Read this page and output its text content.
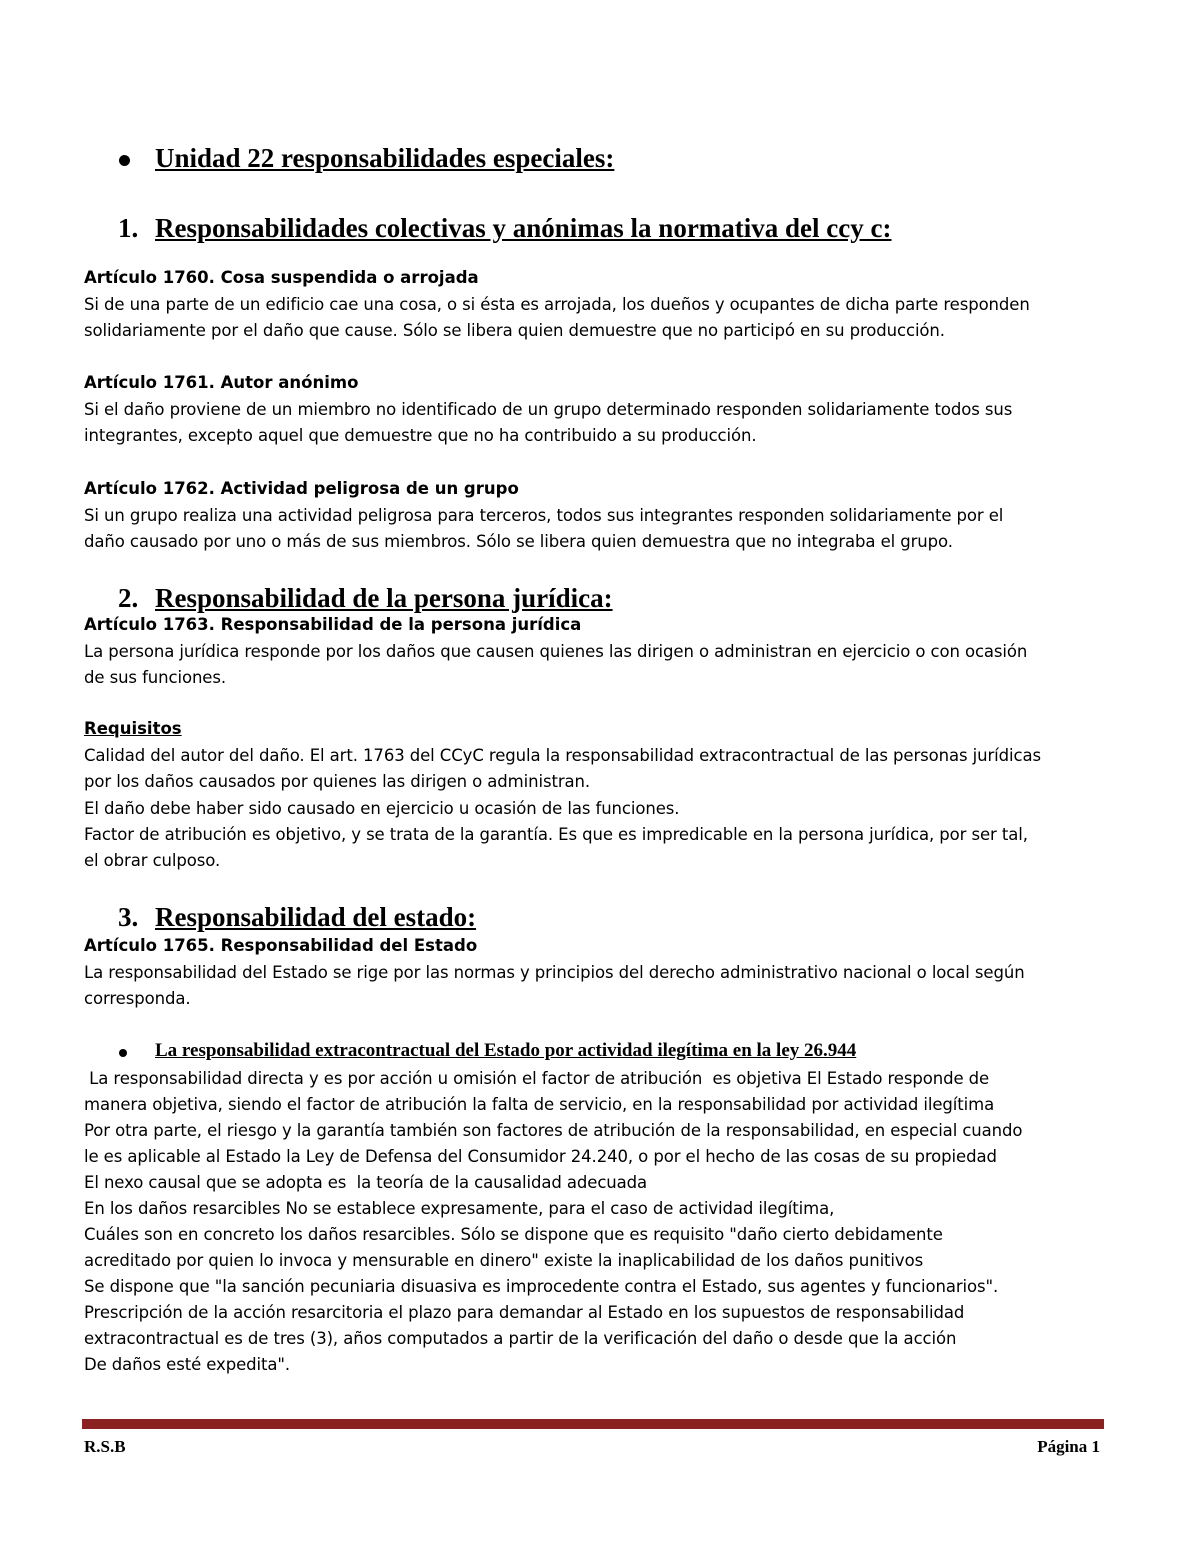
Unidad 22 responsabilidades especiales:
1. Responsabilidades colectivas y anónimas la normativa del ccy c:
Artículo 1760. Cosa suspendida o arrojada
Si de una parte de un edificio cae una cosa, o si ésta es arrojada, los dueños y ocupantes de dicha parte responden
solidariamente por el daño que cause. Sólo se libera quien demuestre que no participó en su producción.
Artículo 1761. Autor anónimo
Si el daño proviene de un miembro no identificado de un grupo determinado responden solidariamente todos sus
integrantes, excepto aquel que demuestre que no ha contribuido a su producción.
Artículo 1762. Actividad peligrosa de un grupo
Si un grupo realiza una actividad peligrosa para terceros, todos sus integrantes responden solidariamente por el
daño causado por uno o más de sus miembros. Sólo se libera quien demuestra que no integraba el grupo.
2. Responsabilidad de la persona jurídica:
Artículo 1763. Responsabilidad de la persona jurídica
La persona jurídica responde por los daños que causen quienes las dirigen o administran en ejercicio o con ocasión
de sus funciones.
Requisitos
Calidad del autor del daño. El art. 1763 del CCyC regula la responsabilidad extracontractual de las personas jurídicas
por los daños causados por quienes las dirigen o administran.
El daño debe haber sido causado en ejercicio u ocasión de las funciones.
Factor de atribución es objetivo, y se trata de la garantía. Es que es impredicable en la persona jurídica, por ser tal,
el obrar culposo.
3. Responsabilidad del estado:
Artículo 1765. Responsabilidad del Estado
La responsabilidad del Estado se rige por las normas y principios del derecho administrativo nacional o local según
corresponda.
La responsabilidad extracontractual del Estado por actividad ilegítima en la ley 26.944
La responsabilidad directa y es por acción u omisión el factor de atribución  es objetiva El Estado responde de
manera objetiva, siendo el factor de atribución la falta de servicio, en la responsabilidad por actividad ilegítima
Por otra parte, el riesgo y la garantía también son factores de atribución de la responsabilidad, en especial cuando
le es aplicable al Estado la Ley de Defensa del Consumidor 24.240, o por el hecho de las cosas de su propiedad
El nexo causal que se adopta es  la teoría de la causalidad adecuada
En los daños resarcibles No se establece expresamente, para el caso de actividad ilegítima,
Cuáles son en concreto los daños resarcibles. Sólo se dispone que es requisito "daño cierto debidamente
acreditado por quien lo invoca y mensurable en dinero" existe la inaplicabilidad de los daños punitivos
Se dispone que "la sanción pecuniaria disuasiva es improcedente contra el Estado, sus agentes y funcionarios".
Prescripción de la acción resarcitoria el plazo para demandar al Estado en los supuestos de responsabilidad
extracontractual es de tres (3), años computados a partir de la verificación del daño o desde que la acción
De daños esté expedita".
R.S.B	Página 1
